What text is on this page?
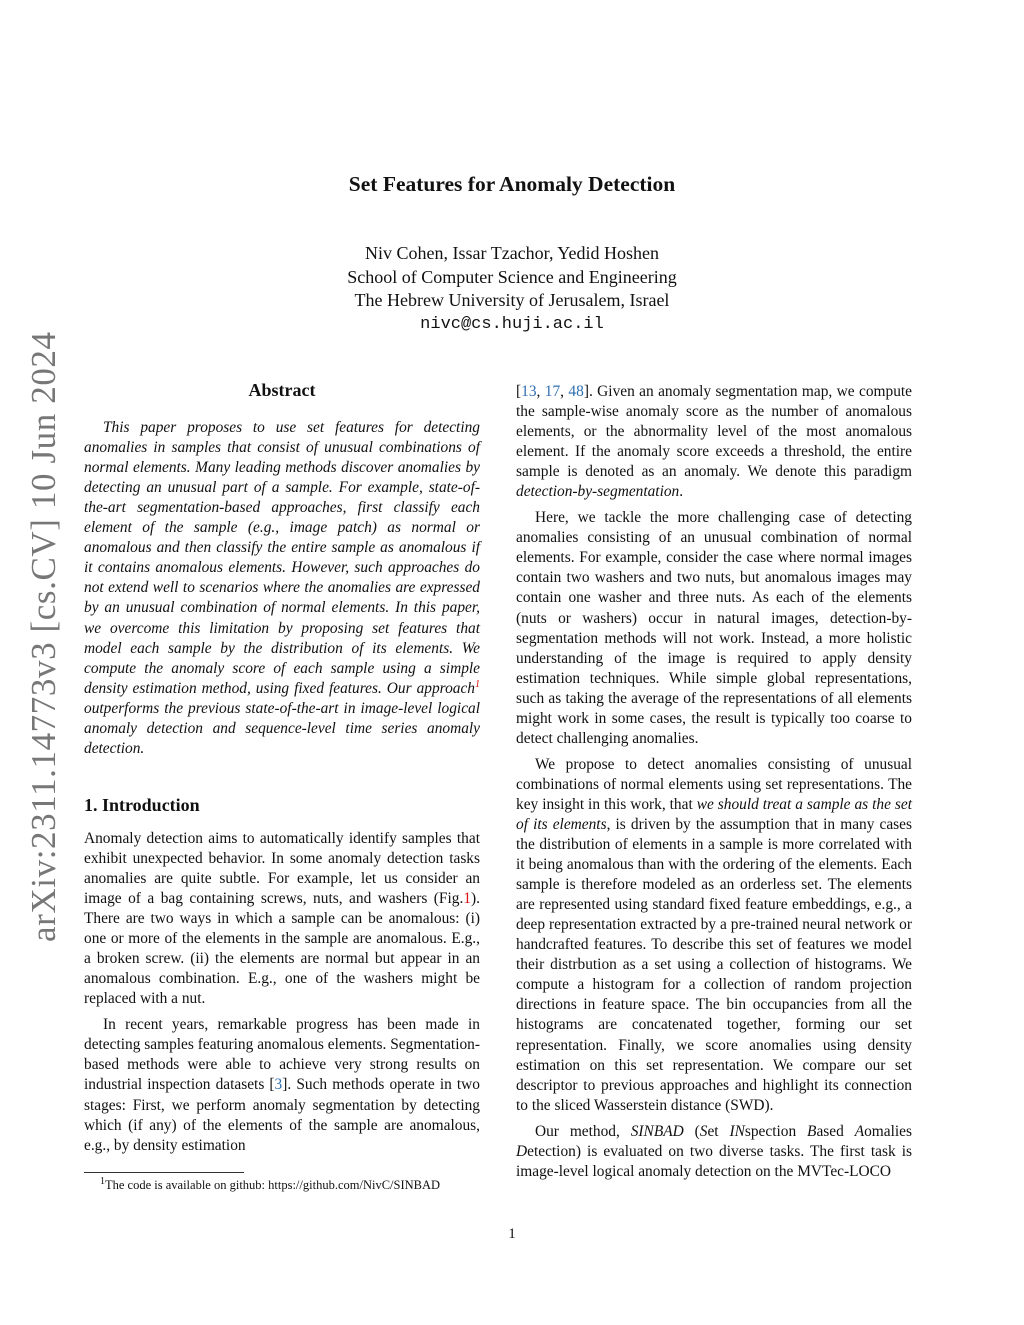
Set Features for Anomaly Detection
Niv Cohen, Issar Tzachor, Yedid Hoshen
School of Computer Science and Engineering
The Hebrew University of Jerusalem, Israel
nivc@cs.huji.ac.il
arXiv:2311.14773v3 [cs.CV] 10 Jun 2024	Abstract

This paper proposes to use set features for detecting anomalies in samples that consist of unusual combinations of normal elements. Many leading methods discover anomalies by detecting an unusual part of a sample. For example, state-of-the-art segmentation-based approaches, first classify each element of the sample (e.g., image patch) as normal or anomalous and then classify the entire sample as anomalous if it contains anomalous elements. However, such approaches do not extend well to scenarios where the anomalies are expressed by an unusual combination of normal elements. In this paper, we overcome this limitation by proposing set features that model each sample by the distribution of its elements. We compute the anomaly score of each sample using a simple density estimation method, using fixed features. Our approach$^1$ outperforms the previous state-of-the-art in image-level logical anomaly detection and sequence-level time series anomaly detection.

1. Introduction

Anomaly detection aims to automatically identify samples that exhibit unexpected behavior. In some anomaly detection tasks anomalies are quite subtle. For example, let us consider an image of a bag containing screws, nuts, and washers (Fig.1). There are two ways in which a sample can be anomalous: (i) one or more of the elements in the sample are anomalous. E.g., a broken screw. (ii) the elements are normal but appear in an anomalous combination. E.g., one of the washers might be replaced with a nut.

In recent years, remarkable progress has been made in detecting samples featuring anomalous elements. Segmentation-based methods were able to achieve very strong results on industrial inspection datasets [3]. Such methods operate in two stages: First, we perform anomaly segmentation by detecting which (if any) of the elements of the sample are anomalous, e.g., by density estimation

[13, 17, 48]. Given an anomaly segmentation map, we compute the sample-wise anomaly score as the number of anomalous elements, or the abnormality level of the most anomalous element. If the anomaly score exceeds a threshold, the entire sample is denoted as an anomaly. We denote this paradigm detection-by-segmentation.

Here, we tackle the more challenging case of detecting anomalies consisting of an unusual combination of normal elements. For example, consider the case where normal images contain two washers and two nuts, but anomalous images may contain one washer and three nuts. As each of the elements (nuts or washers) occur in natural images, detection-by-segmentation methods will not work. Instead, a more holistic understanding of the image is required to apply density estimation techniques. While simple global representations, such as taking the average of the representations of all elements might work in some cases, the result is typically too coarse to detect challenging anomalies.

We propose to detect anomalies consisting of unusual combinations of normal elements using set representations. The key insight in this work, that we should treat a sample as the set of its elements, is driven by the assumption that in many cases the distribution of elements in a sample is more correlated with it being anomalous than with the ordering of the elements. Each sample is therefore modeled as an orderless set. The elements are represented using standard fixed feature embeddings, e.g., a deep representation extracted by a pre-trained neural network or handcrafted features. To describe this set of features we model their distrbution as a set using a collection of histograms. We compute a histogram for a collection of random projection directions in feature space. The bin occupancies from all the histograms are concatenated together, forming our set representation. Finally, we score anomalies using density estimation on this set representation. We compare our set descriptor to previous approaches and highlight its connection to the sliced Wasserstein distance (SWD).

Our method, SINBAD (Set INspection Based Aomalies Detection) is evaluated on two diverse tasks. The first task is image-level logical anomaly detection on the MVTec-LOCO

$^1$The code is available on github: https://github.com/NivC/SINBAD
1
